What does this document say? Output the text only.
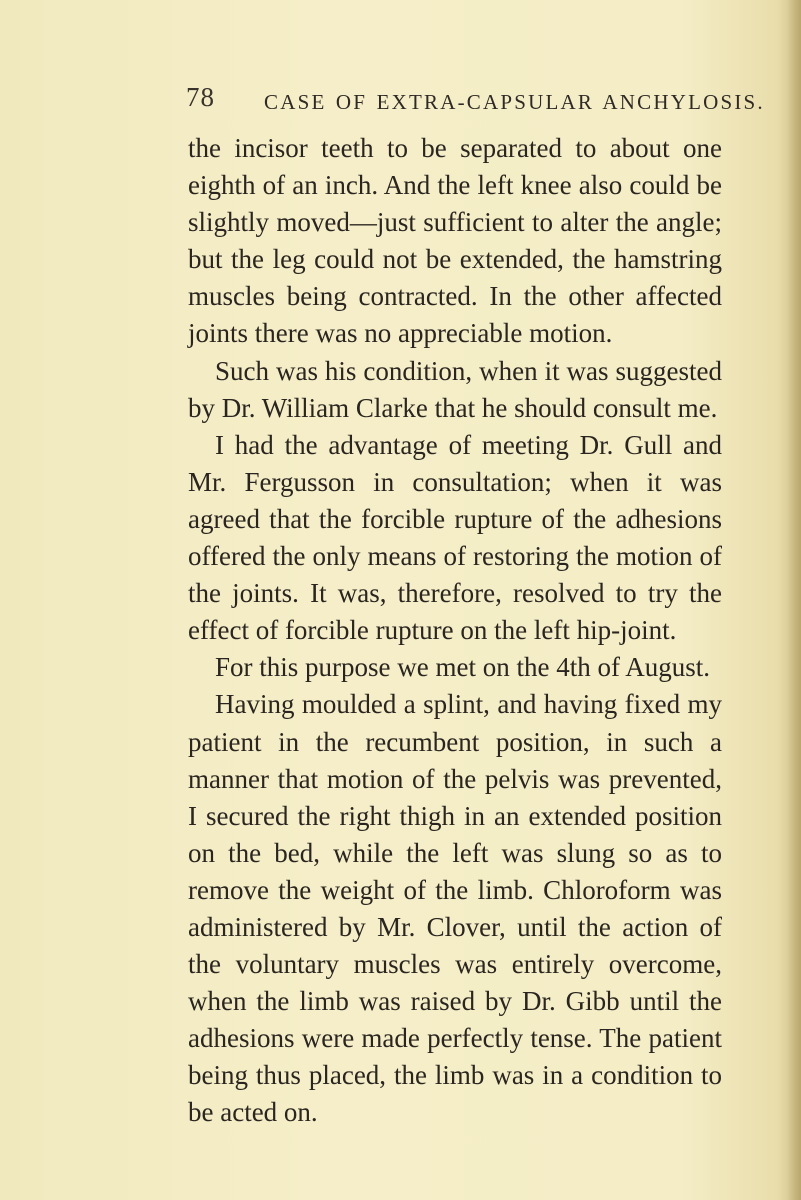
78 CASE OF EXTRA-CAPSULAR ANCHYLOSIS.

the incisor teeth to be separated to about one eighth of an inch. And the left knee also could be slightly moved—just sufficient to alter the angle; but the leg could not be extended, the hamstring muscles being contracted. In the other affected joints there was no appreciable motion.

Such was his condition, when it was suggested by Dr. William Clarke that he should consult me.

I had the advantage of meeting Dr. Gull and Mr. Fergusson in consultation; when it was agreed that the forcible rupture of the adhesions offered the only means of restoring the motion of the joints. It was, therefore, resolved to try the effect of forcible rupture on the left hip-joint.

For this purpose we met on the 4th of August.

Having moulded a splint, and having fixed my patient in the recumbent position, in such a manner that motion of the pelvis was prevented, I secured the right thigh in an extended position on the bed, while the left was slung so as to remove the weight of the limb. Chloroform was administered by Mr. Clover, until the action of the voluntary muscles was entirely overcome, when the limb was raised by Dr. Gibb until the adhesions were made perfectly tense. The patient being thus placed, the limb was in a condition to be acted on.
